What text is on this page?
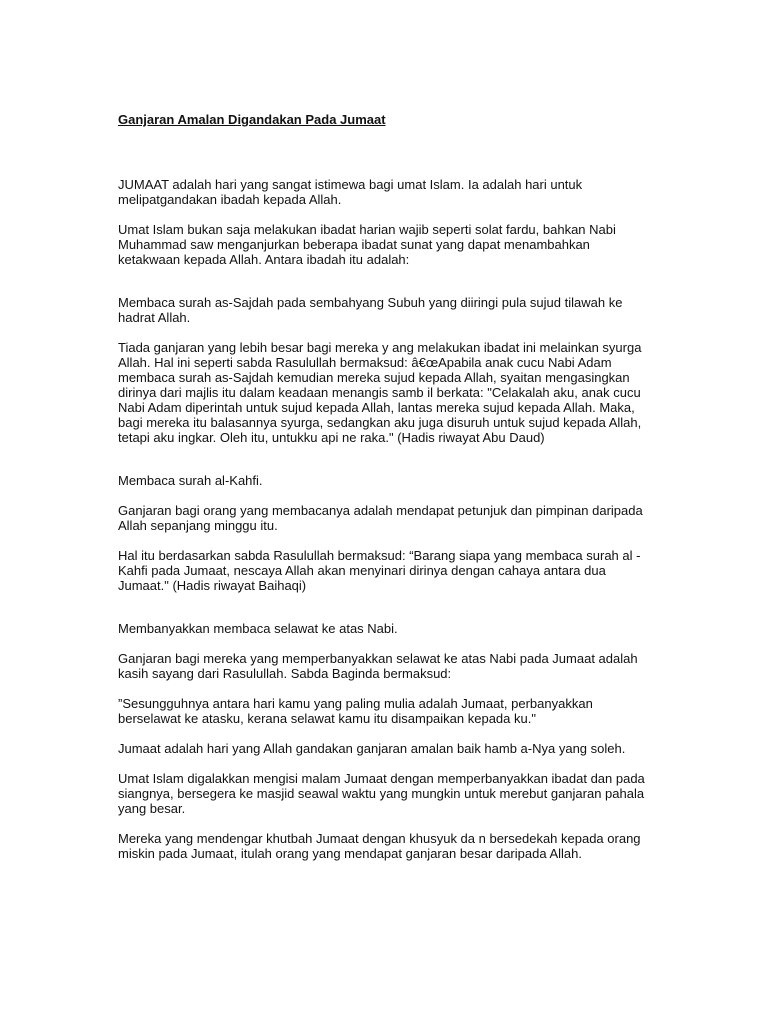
Ganjaran Amalan Digandakan Pada Jumaat

JUMAAT adalah hari yang sangat istimewa bagi umat Islam. Ia adalah hari untuk melipatgandakan ibadah kepada Allah.

Umat Islam bukan saja melakukan ibadat harian wajib seperti solat fardu, bahkan Nabi Muhammad saw menganjurkan beberapa ibadat sunat yang dapat menambahkan ketakwaan kepada Allah. Antara ibadah itu adalah:

Membaca surah as-Sajdah pada sembahyang Subuh yang diiringi pula sujud tilawah ke hadrat Allah.

Tiada ganjaran yang lebih besar bagi mereka y ang melakukan ibadat ini melainkan syurga Allah. Hal ini seperti sabda Rasulullah bermaksud: â€œApabila anak cucu Nabi Adam membaca surah as-Sajdah kemudian mereka sujud kepada Allah, syaitan mengasingkan dirinya dari majlis itu dalam keadaan menangis samb il berkata: "Celakalah aku, anak cucu Nabi Adam diperintah untuk sujud kepada Allah, lantas mereka sujud kepada Allah. Maka, bagi mereka itu balasannya syurga, sedangkan aku juga disuruh untuk sujud kepada Allah, tetapi aku ingkar. Oleh itu, untukku api ne raka." (Hadis riwayat Abu Daud)

Membaca surah al-Kahfi.

Ganjaran bagi orang yang membacanya adalah mendapat petunjuk dan pimpinan daripada Allah sepanjang minggu itu.

Hal itu berdasarkan sabda Rasulullah bermaksud: “Barang siapa yang membaca surah al - Kahfi pada Jumaat, nescaya Allah akan menyinari dirinya dengan cahaya antara dua Jumaat." (Hadis riwayat Baihaqi)

Membanyakkan membaca selawat ke atas Nabi.

Ganjaran bagi mereka yang memperbanyakkan selawat ke atas Nabi pada Jumaat adalah kasih sayang dari Rasulullah. Sabda Baginda bermaksud:

”Sesungguhnya antara hari kamu yang paling mulia adalah Jumaat, perbanyakkan berselawat ke atasku, kerana selawat kamu itu disampaikan kepada ku."

Jumaat adalah hari yang Allah gandakan ganjaran amalan baik hamb a-Nya yang soleh.

Umat Islam digalakkan mengisi malam Jumaat dengan memperbanyakkan ibadat dan pada siangnya, bersegera ke masjid seawal waktu yang mungkin untuk merebut ganjaran pahala yang besar.

Mereka yang mendengar khutbah Jumaat dengan khusyuk da n bersedekah kepada orang miskin pada Jumaat, itulah orang yang mendapat ganjaran besar daripada Allah.
